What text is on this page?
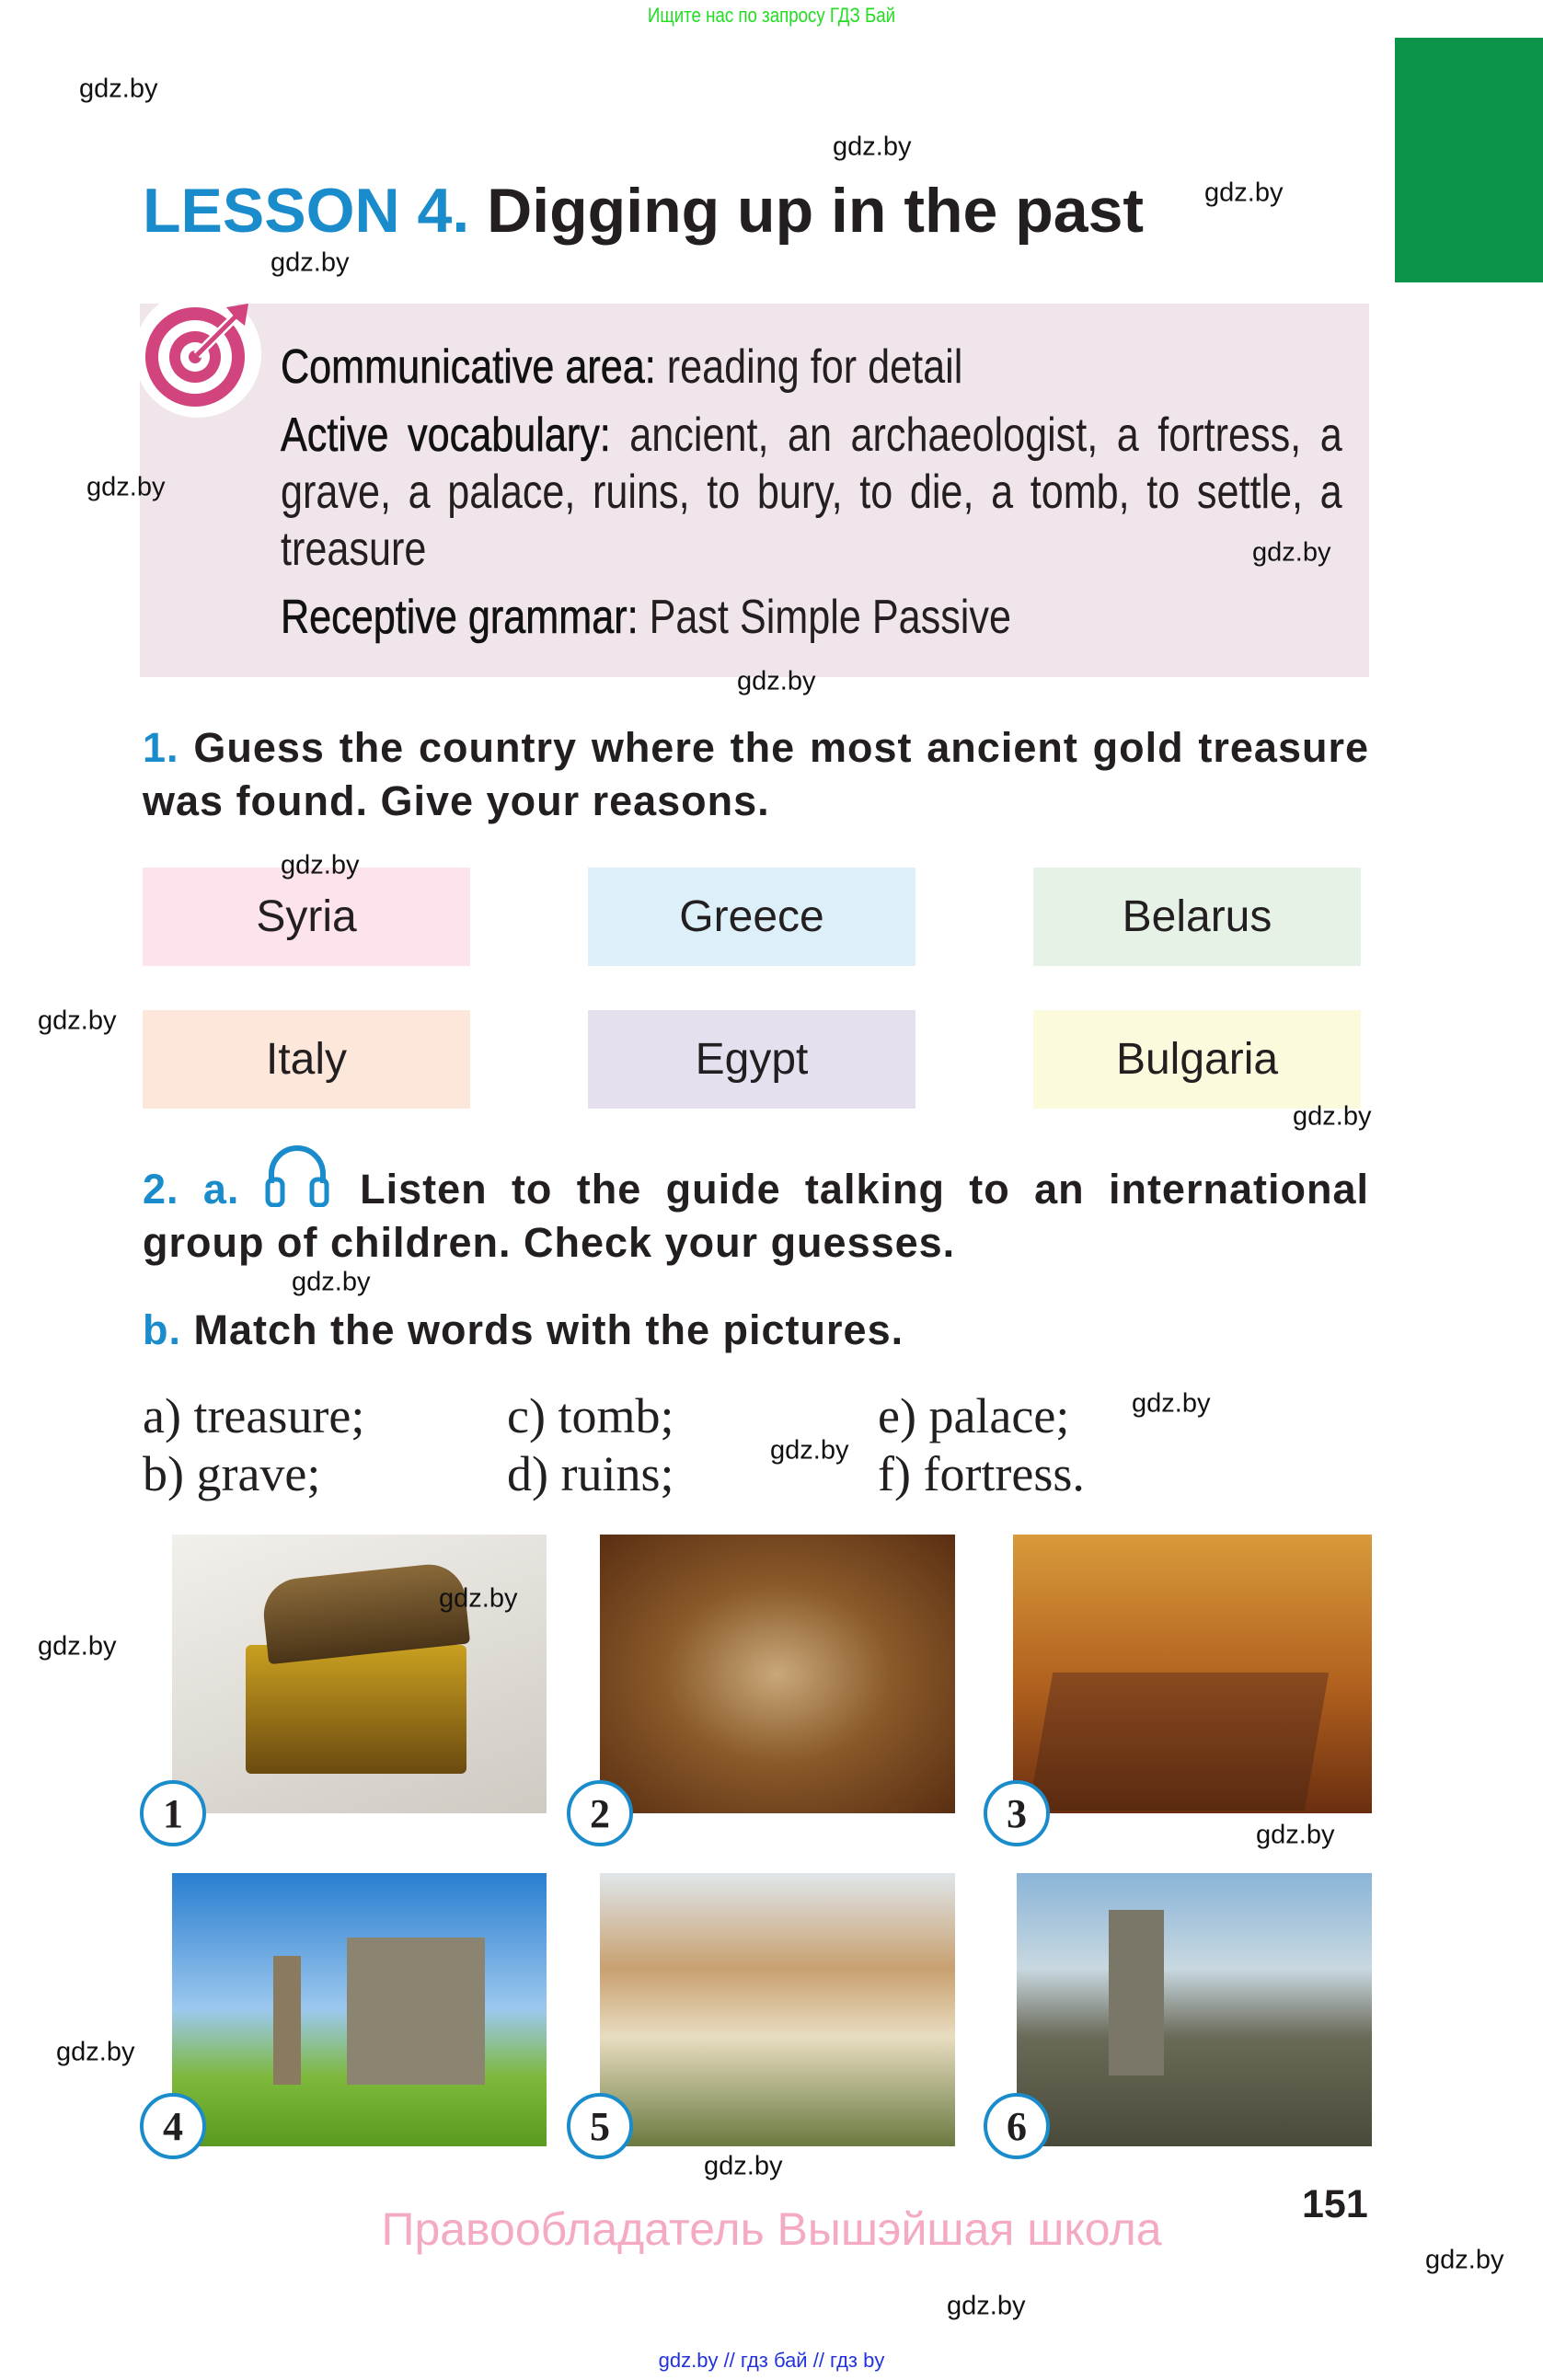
Ищите нас по запросу ГДЗ Бай
LESSON 4. Digging up in the past

Communicative area: reading for detail

Active vocabulary: ancient, an archaeologist, a fortress, a grave, a palace, ruins, to bury, to die, a tomb, to settle, a treasure

Receptive grammar: Past Simple Passive

1. Guess the country where the most ancient gold treasure was found. Give your reasons.
Syria	Greece	Belarus
Italy	Egypt	Bulgaria
2. a.	Listen to the guide talking to an international group of children. Check your guesses.
b. Match the words with the pictures.
a) treasure;
b) grave;
c) tomb;
d) ruins;
e) palace;
f) fortress.
1	2	3
4	5	6
151
Правообладатель Вышэйшая школа
gdz.by // гдз бай // гдз by
gdz.by
gdz.by
gdz.by
gdz.by
gdz.by
gdz.by
gdz.by
gdz.by
gdz.by
gdz.by
gdz.by
gdz.by
gdz.by
gdz.by
gdz.by
gdz.by
gdz.by
gdz.by
gdz.by
gdz.by
